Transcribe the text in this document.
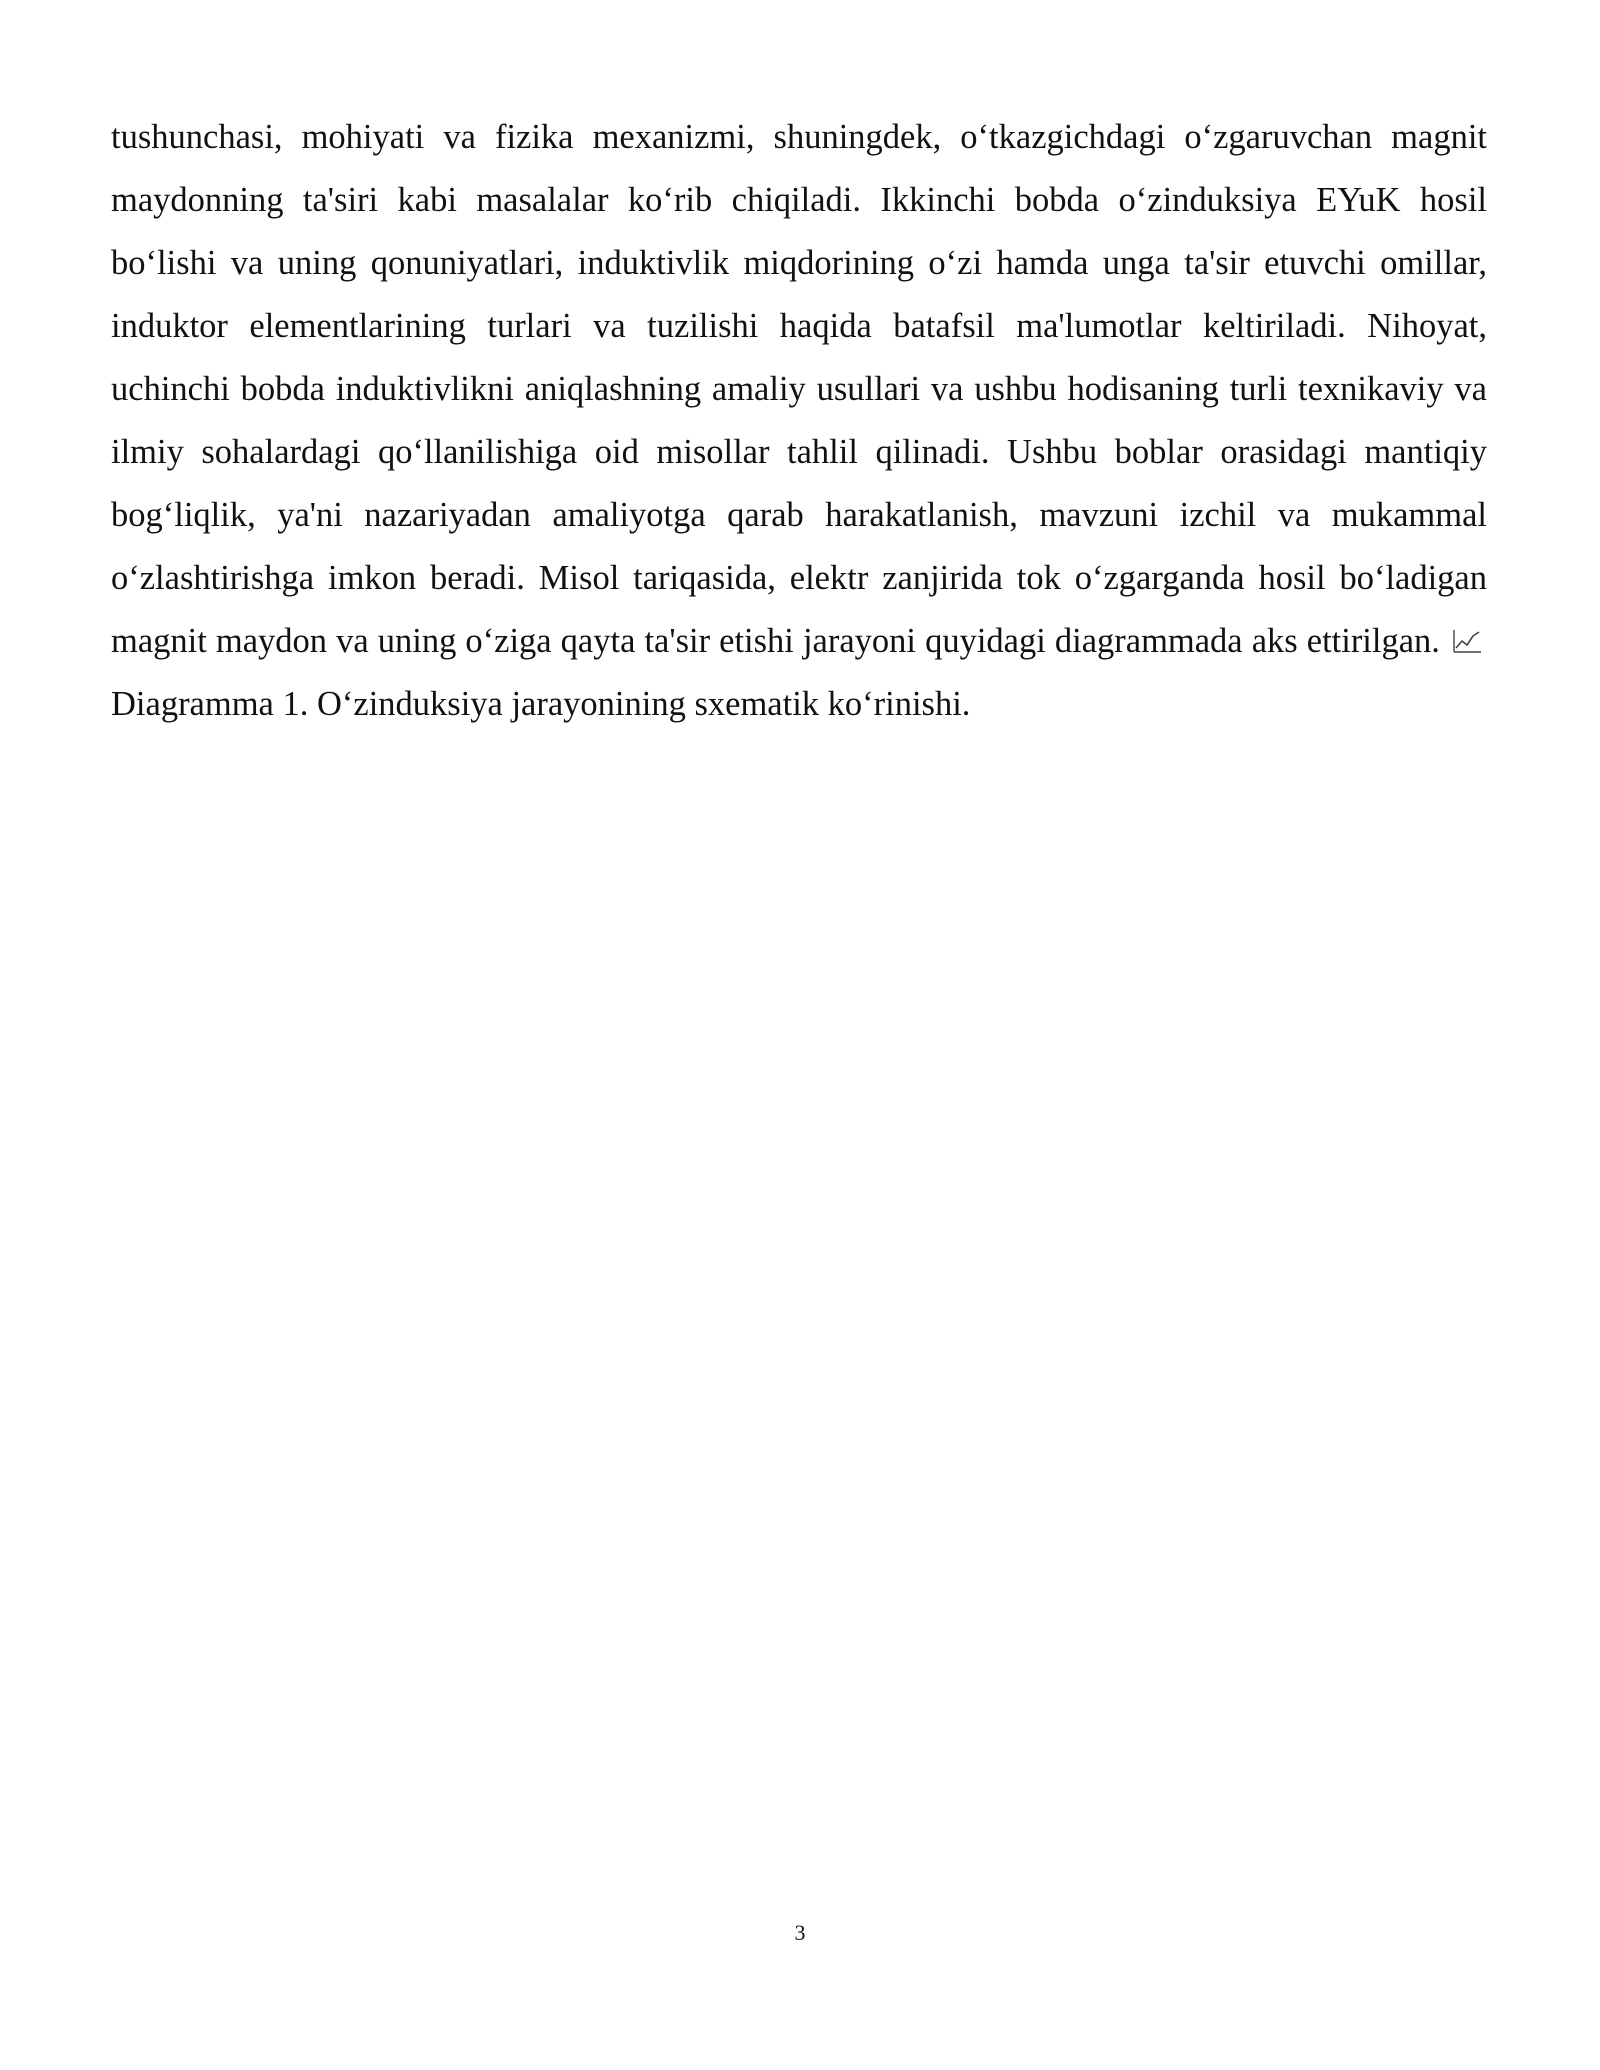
tushunchasi, mohiyati va fizika mexanizmi, shuningdek, o‘tkazgichdagi o‘zgaruvchan magnit maydonning ta'siri kabi masalalar ko‘rib chiqiladi. Ikkinchi bobda o‘zinduksiya EYuK hosil bo‘lishi va uning qonuniyatlari, induktivlik miqdorining o‘zi hamda unga ta'sir etuvchi omillar, induktor elementlarining turlari va tuzilishi haqida batafsil ma'lumotlar keltiriladi. Nihoyat, uchinchi bobda induktivlikni aniqlashning amaliy usullari va ushbu hodisaning turli texnikaviy va ilmiy sohalardagi qo‘llanilishiga oid misollar tahlil qilinadi. Ushbu boblar orasidagi mantiqiy bog‘liqlik, ya'ni nazariyadan amaliyotga qarab harakatlanish, mavzuni izchil va mukammal o‘zlashtirishga imkon beradi. Misol tariqasida, elektr zanjirida tok o‘zgarganda hosil bo‘ladigan magnit maydon va uning o‘ziga qayta ta'sir etishi jarayoni quyidagi diagrammada aks ettirilgan.
Diagramma 1. O‘zinduksiya jarayonining sxematik ko‘rinishi.

3
